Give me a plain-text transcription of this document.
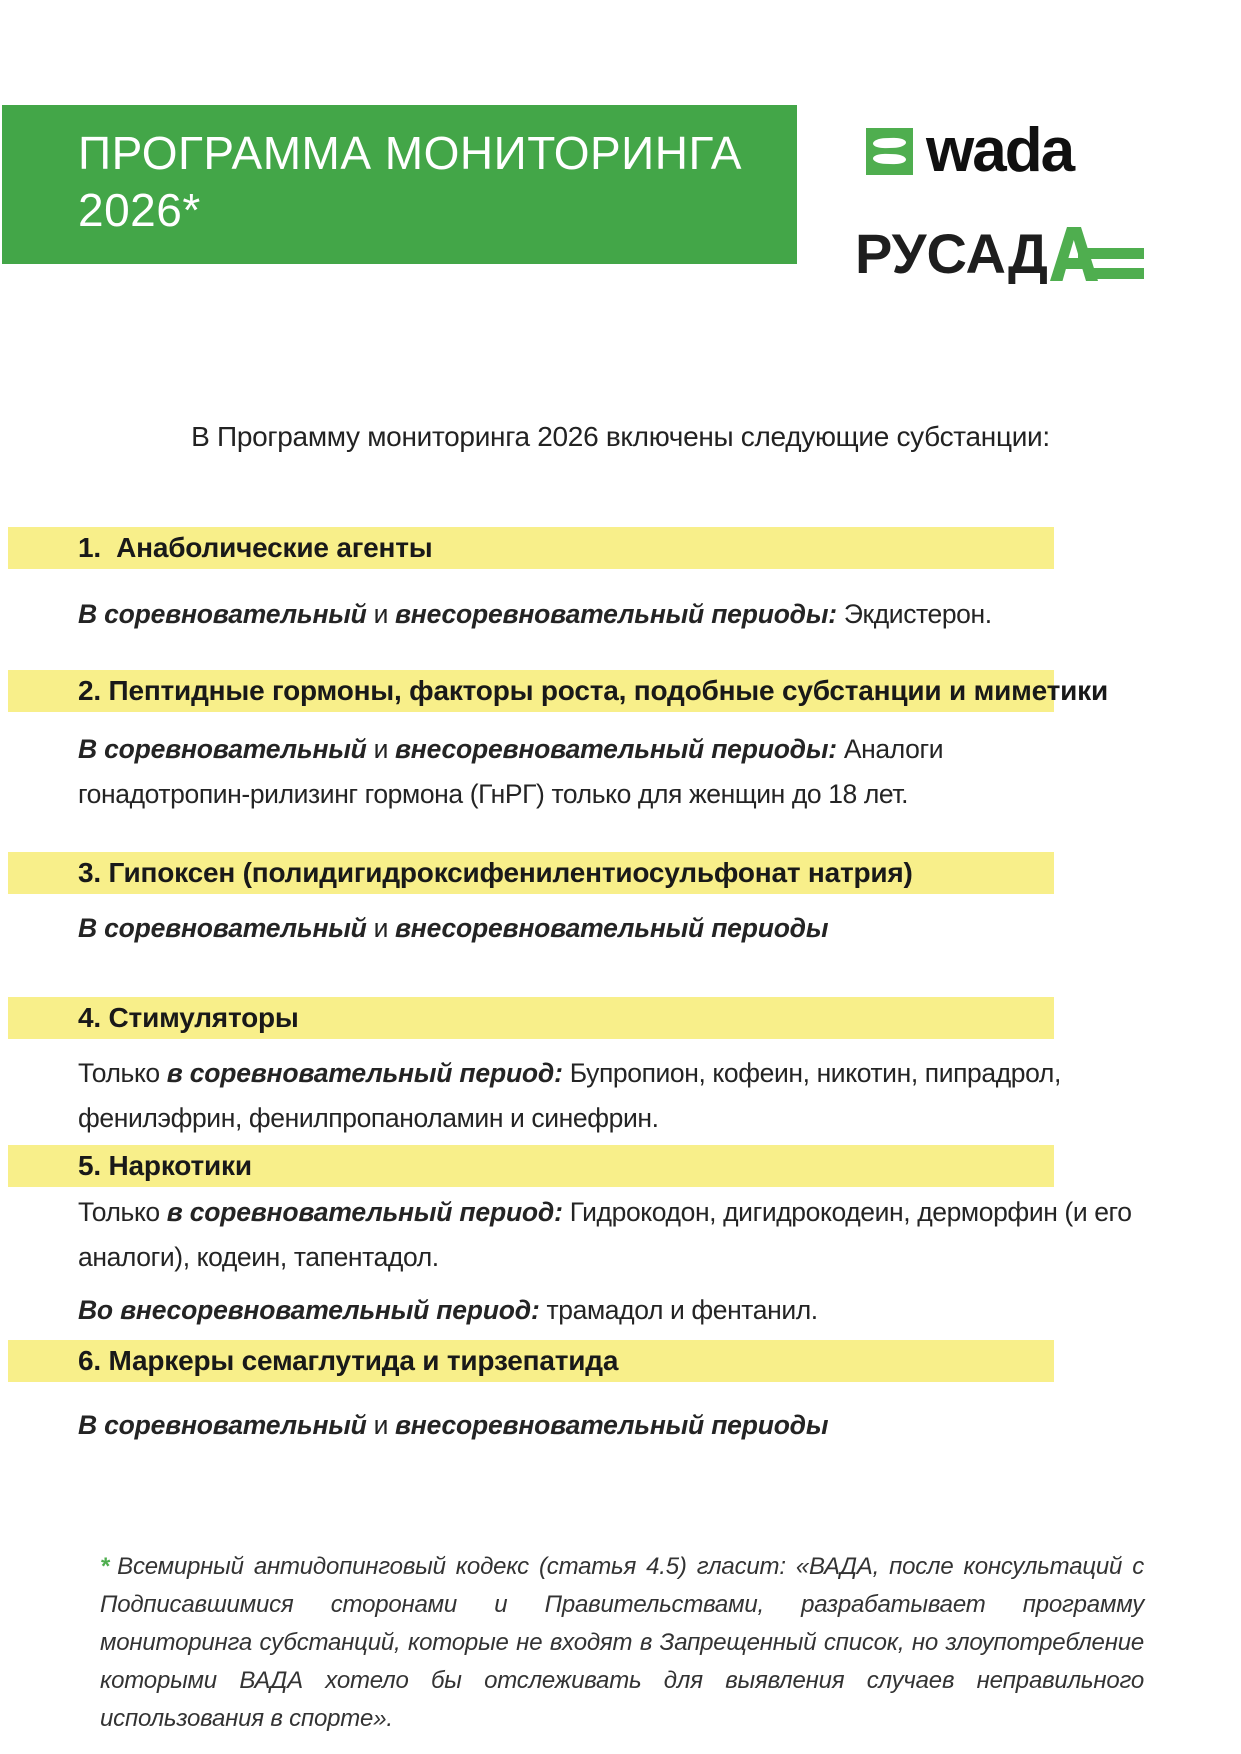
ПРОГРАММА МОНИТОРИНГА
2026*
wada
РУСАД
В Программу мониторинга 2026 включены следующие субстанции:
1.  Анаболические агенты
В соревновательный и внесоревновательный периоды: Экдистерон.
2. Пептидные гормоны, факторы роста, подобные субстанции и миметики
В соревновательный и внесоревновательный периоды: Аналоги гонадотропин-рилизинг гормона (ГнРГ) только для женщин до 18 лет.
3. Гипоксен (полидигидроксифенилентиосульфонат натрия)
В соревновательный и внесоревновательный периоды
4. Стимуляторы
Только в соревновательный период: Бупропион, кофеин, никотин, пипрадрол, фенилэфрин, фенилпропаноламин и синефрин.
5. Наркотики
Только в соревновательный период: Гидрокодон, дигидрокодеин, дерморфин (и его аналоги), кодеин, тапентадол.
Во внесоревновательный период: трамадол и фентанил.
6. Маркеры семаглутида и тирзепатида
В соревновательный и внесоревновательный периоды
* Всемирный антидопинговый кодекс (статья 4.5) гласит: «ВАДА, после консультаций с Подписавшимися сторонами и Правительствами, разрабатывает программу мониторинга субстанций, которые не входят в Запрещенный список, но злоупотребление которыми ВАДА хотело бы отслеживать для выявления случаев неправильного использования в спорте».
